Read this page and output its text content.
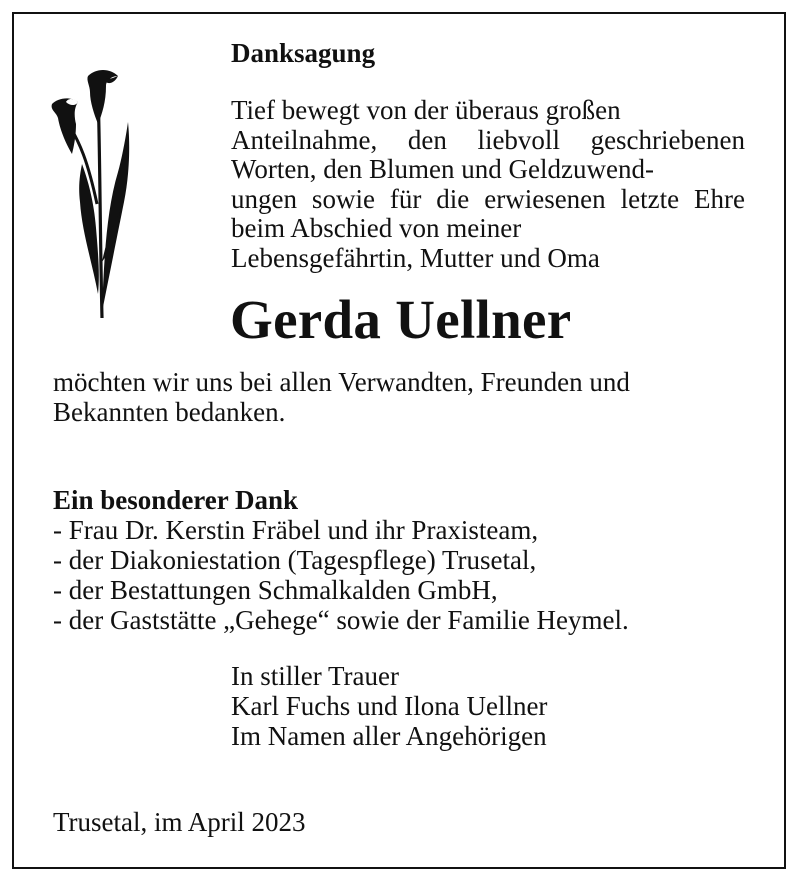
Danksagung

Tief bewegt von der überaus großen
Anteilnahme, den liebvoll geschriebenen
Worten, den Blumen und Geldzuwend-
ungen sowie für die erwiesenen letzte Ehre
beim Abschied von meiner
Lebensgefährtin, Mutter und Oma

Gerda Uellner

möchten wir uns bei allen Verwandten, Freunden und
Bekannten bedanken.

Ein besonderer Dank

- Frau Dr. Kerstin Fräbel und ihr Praxisteam,
- der Diakoniestation (Tagespflege) Trusetal,
- der Bestattungen Schmalkalden GmbH,
- der Gaststätte „Gehege“ sowie der Familie Heymel.
In stiller Trauer
Karl Fuchs und Ilona Uellner
Im Namen aller Angehörigen

Trusetal, im April 2023
